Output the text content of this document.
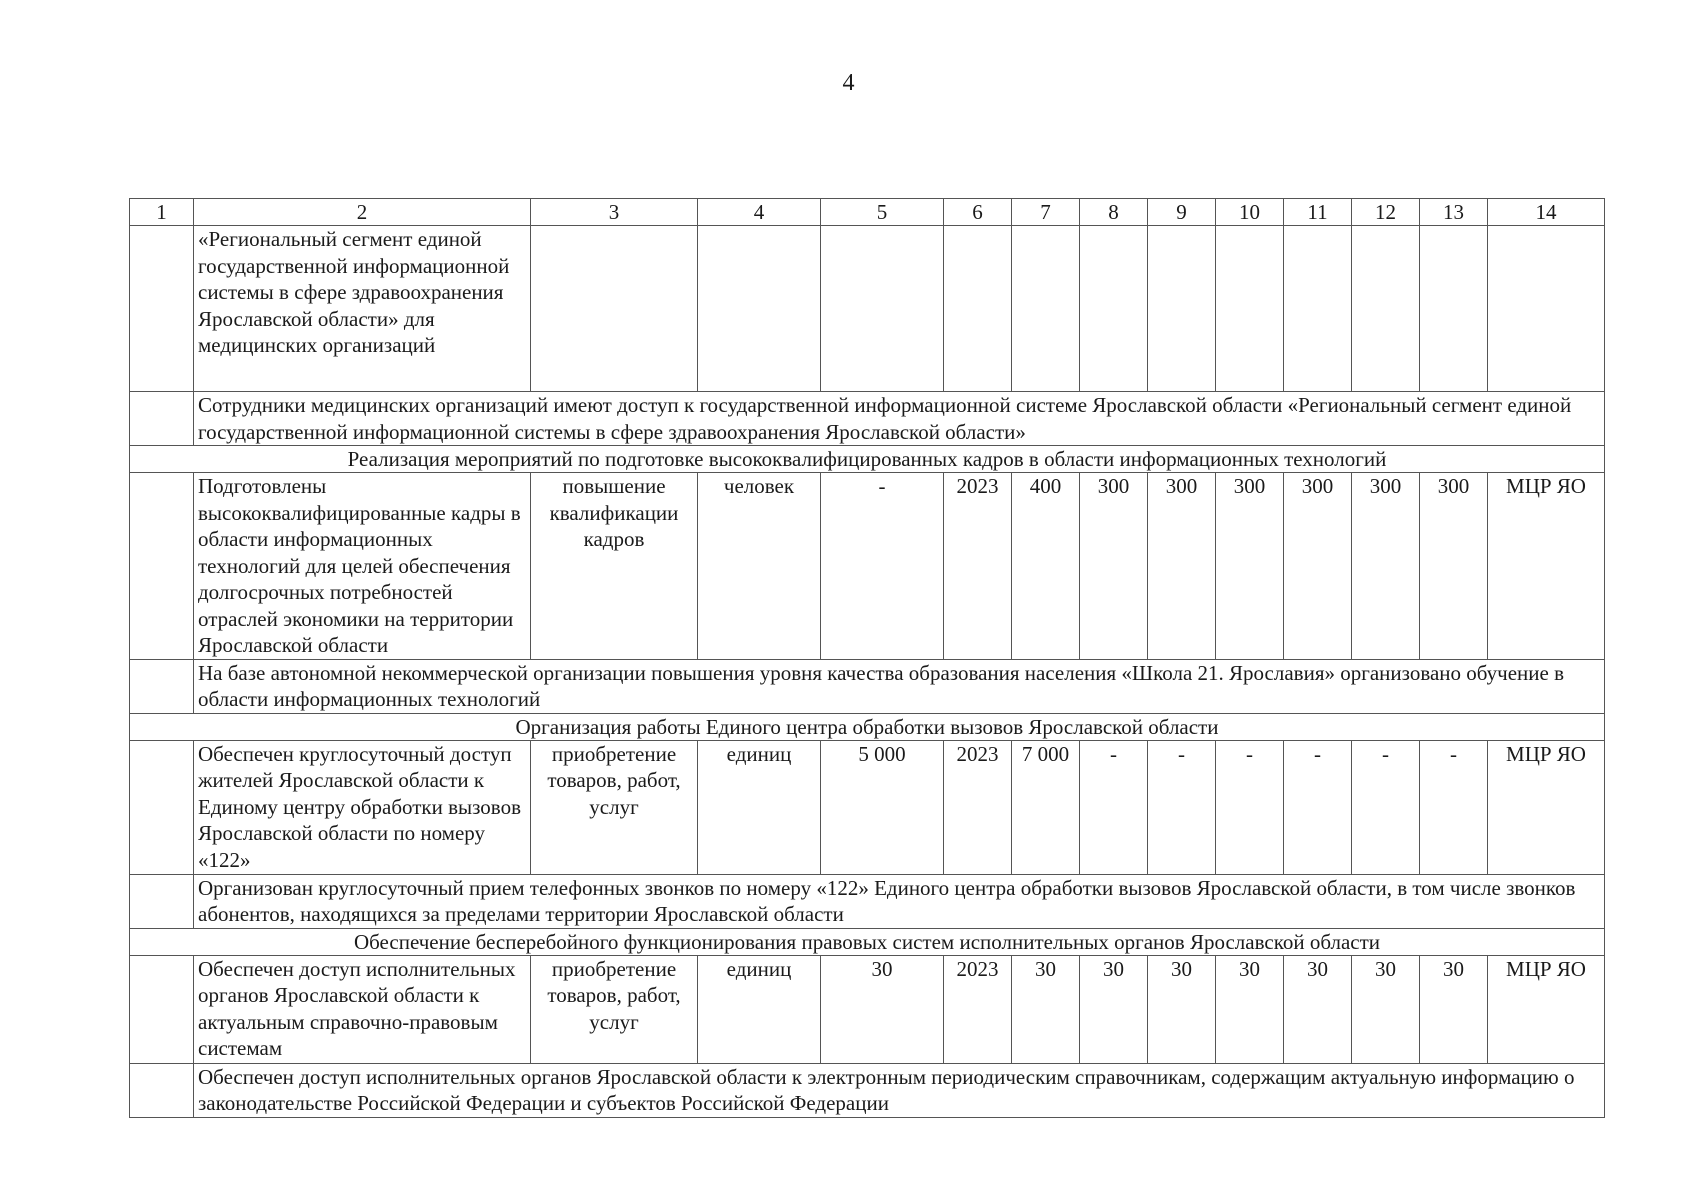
4
1	2	3	4	5	6	7	8	9	10	11	12	13	14
	«Региональный сегмент единой государственной информационной системы в сфере здравоохранения Ярославской области» для медицинских организаций												
	Сотрудники медицинских организаций имеют доступ к государственной информационной системе Ярославской области «Региональный сегмент единой государственной информационной системы в сфере здравоохранения Ярославской области»												
Реализация мероприятий по подготовке высококвалифицированных кадров в области информационных технологий													
	Подготовлены высококвалифицированные кадры в области информационных технологий для целей обеспечения долгосрочных потребностей отраслей экономики на территории Ярославской области	повышение квалификации кадров	человек	-	2023	400	300	300	300	300	300	300	МЦР ЯО
	На базе автономной некоммерческой организации повышения уровня качества образования населения «Школа 21. Ярославия» организовано обучение в области информационных технологий												
Организация работы Единого центра обработки вызовов Ярославской области													
	Обеспечен круглосуточный доступ жителей Ярославской области к Единому центру обработки вызовов Ярославской области по номеру «122»	приобретение товаров, работ, услуг	единиц	5 000	2023	7 000	-	-	-	-	-	-	МЦР ЯО
	Организован круглосуточный прием телефонных звонков по номеру «122» Единого центра обработки вызовов Ярославской области, в том числе звонков абонентов, находящихся за пределами территории Ярославской области												
Обеспечение бесперебойного функционирования правовых систем исполнительных органов Ярославской области													
	Обеспечен доступ исполнительных органов Ярославской области к актуальным справочно-правовым системам	приобретение товаров, работ, услуг	единиц	30	2023	30	30	30	30	30	30	30	МЦР ЯО
	Обеспечен доступ исполнительных органов Ярославской области к электронным периодическим справочникам, содержащим актуальную информацию о законодательстве Российской Федерации и субъектов Российской Федерации												
